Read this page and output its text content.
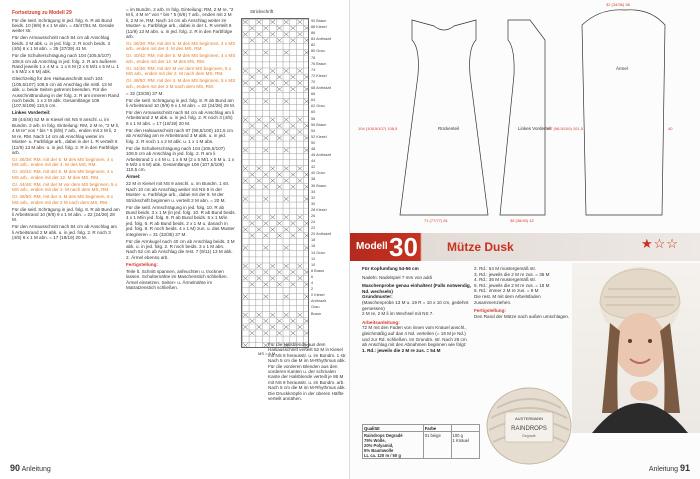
Fortsetzung zu Modell 29

Für die seitl. Schrägung in jed. folg. 6. R ab Bund beids. 10 (9/9) 9 x 1 M abn. = 45/47/51 M. Gerade weiter str.

Für den Armausschnitt nach 84 cm ab Anschlag beids. 2 M abk. u. in jed. folg. 2. R noch beids. 3 (4/5) 6 x 1 M abn. = 35 (37/39) 41 M.

Für die Schulterschrägung nach 104 (105,5/107) 108,5 cm ab Anschlag in jed. folg. 2. R am äußeren Rand jeweils 1 x 4 M u. 1 x 6 M (2 x 5 M/1 x 5 M u. 1 x 6 M/2 x 6 M) abk.

Gleichzeitig für den Halsausschnitt nach 104 (105,5/107) 108,5 cm ab Anschlag die mittl. 13 M abk. u. beide Seiten getrennt beenden. Für die Ausschnittrundung in der folg. 2. R am inneren Rand noch beids. 1 x 2 M abk. Gesamtlänge 106 (107,5/109) 110,5 cm.

Linkes Vorderteil:

38 (44/46) 52 M in Kiesel mit NS 9 anschl. u. im Bundm. 2 arb. In folg. Einteilung: RM, 2 M re, "2 M li, 4 M re" von * bis * 5 (6/6) 7 arb., enden mit 2 M li, 2 M re, RM. Nach 14 cm ab Anschlag weiter im Muster- u. Farbfolge arb., dabei in der 1. R verteilt 6 (11/9) 13 M abn. u. in jed. folg. 2. R in den Farbfolge arb.

Gr. 36/38: RM, mit der 5. M des MS beginnen, 4 x MS arb., enden mit der 4. M des MS, RM.

Gr. 40/42: RM, mit der 5. M des MS beginnen, 4 x MS arb., enden mit der 12. M des MS, RM.

Gr. 44/46: RM, mit der M vor dem MS beginnen, 5 x MS arb., enden mit der 2. M nach dem MS, RM.

Gr. 48/50: RM, mit der 4. M des MS beginnen, 5 x MS arb., enden mit der 2 M nach dem MS, RM.

Für die seitl. Schrägung in jed. folg. 8. R ab Bund am li Arbeitsrand 10 (9/9) 9 x 1 M abn. = 22 (24/26) 28 M.

Für den Armausschnitt nach 84 cm ab Anschlag am li Arbeitsrand 2 M abk. u. in jed. folg. 2. R noch 3 (4/5) 6 x 1 M abn. = 17 (18/19) 20 M.

= im Bundm. 2 arb. In folg. Einteilung: RM, 2 M re, "2 M li, 4 M re" von * bis * 5 (6/6) 7 arb., enden mit 2 M li, 2 M re, RM. Nach 14 cm ab Anschlag weiter im Muster- u. Farbfolge arb., dabei in der 1. R verteilt 6 (11/9) 13 M abn. u. in jed. folg. 2. R in den Farbfolge arb.

Gr. 36/38: RM, mit der 5. M des MS beginnen, 4 x MS arb., enden mit der 4. M des MS, RM.

Gr. 40/42: RM, mit der 5. M des MS beginnen, 4 x MS arb., enden mit der 12. M des MS, RM.

Gr. 44/46: RM, mit der M vor dem MS beginnen, 5 x MS arb., enden mit der 2. M nach dem MS, RM.

Gr. 48/50: RM, mit der 4. M des MS beginnen, 5 x MS arb., enden mit der 2 M nach dem MS, RM.

= 32 (33/35) 37 M.

Für die seitl. Schrägung in jed. folg. 8. R ab Bund am li Arbeitsrand 10 (9/9) 9 x 1 M abn. = 22 (24/26) 28 M.

Für den Armausschnitt nach 84 cm ab Anschlag am li Arbeitsrand 2 M abk. u. in jed. folg. 2. R noch 3 (4/5) 6 x 1 M abn. = 17 (18/19) 20 M.

Für den Halsausschnitt nach 97 (98,5/100) 101,5 cm ab Anschlag am re Arbeitsrand 3 M abk. u. in jed. folg. 2. R noch 1 x 2 M abk. u. 1 x 1 M abn.

Für die Schulterschrägung nach 104 (105,5/107) 108,5 cm ab Anschlag in jed. folg. 2. R am li Arbeitsrand 1 x 4 M u. 1 x 6 M (2 x 5 M/1 x 5 M u. 1 x 6 M/2 x 6 M) abk. Gesamtlänge 106 (107,5/109) 110,5 cm.

Ärmel:

22 M in Kiesel mit NS 9 anschl. u. im Bundm. 1 str. Nach 10 cm ab Anschlag weiter mit NS 9 in der Muster- u. Farbfolge arb., dabei mit der 9. M der Strickschrift beginnen u. verteilt 2 M abn. = 20 M.

Für die seitl. Armschrägung in jed. folg. 10. R ab Bund beids. 3 x 1 M (in jed. folg. 10. R ab Bund beids. 4 x 1 M/in jed. folg. 8. R ab Bund beids. 5 x 1 M/in jed. folg. 6. R ab Bund beids. 2 x 1 M u. danach in jed. folg. 8. R noch beids. 4 x 1 M) zun. u. das Muster integrieren = 31 (33/35) 37 M.

Für die Armkugel nach 40 cm ab Anschlag beids. 3 M abk. u. in jed. folg. 2. R noch beids. 3 x 1 M abn. Nach 52 cm ab Anschlag die rest. 7 (9/11) 13 M abk. 2. Ärmel ebenso arb.

Fertigstellung:

Teile lt. Schnitt spannen, anfeuchten u. trocknen lassen. Schulternähte im Maschenstich schließen. Ärmel einsetzen. Seiten- u. Ärmelnähte im Matratzenstich schließen.

Strickschrift
90 Braun
88 Kiesel
86
84 Anthrazit
82
80 Grau
78
76 Braun
74
72 Kiesel
70
68 Anthrazit
66
64
62 Grau
60
58
56 Braun
54
52 Kiesel
50
48
46 Anthrazit
44
42
40 Grau
38
36 Braun
34
32
30
28 Kiesel
26
24
22
20 Anthrazit
18
16
14 Grau
12
10
8 Braun
6
4
2
0 Kiesel
Anthrazit
Grau
Braun
MS = 6 M

Für die Halsblende aus dem Halsausschnitt verteilt 52 M in Kiesel mit NS 8 herausstr. u. im Bundm. 1 str. Nach 5 cm die M im M-Rhythmus abk. Für die vorderen Blenden aus den vorderen Kanten u. der schmalen Kante der Halsblende verteilt je 86 M mit NS 8 herausstr. u. im Bundm. arb. Nach 5 cm die M im M-Rhythmus abk. Die Druckknöpfe in der oberen Hälfte verteilt annähen.

90 Anleitung
Rückenteil	Linkes Vorderteil
Ärmel
71 (77/77) 81	36 (38/40) 42
32 (34/36) 38
104 (105,5/107) 108,5	97 (98,5/100) 101,5	40
Modell 30 Mütze Dusk	★☆☆

Für Kopfumfang 54-56 cm

Nadeln: Nadelspiel 7 mm von addi

Maschenprobe genau einhalten! (Falls notwendig, Nd. wechseln)

Grundmuster:

(Maschenprobe 13 M u. 19 R = 10 x 10 cm, gedehnt gemessen)

2 M re, 2 M li im Wechsel mit NS 7.

Arbeitsanleitung:

72 M mit den Faden von innen vom Knäuel anschl., gleichmäßig auf das 4 Nd. verteilen (= 18 M je Nd.) und zur Rd. schließen. Im Grundm. str. Nach 28 cm ab Anschlag mit den Abnahmen beginnen wie folgt:

1. Rd.: jeweils die 2 M re zus. = 54 M

2. Rd.: 54 M mustergemäß str.

3. Rd.: jeweils die 2 M re zus. = 36 M

4. Rd.: 36 M mustergemäß str.

5. Rd.: jeweils die 2 M re zus. = 18 M

6. Rd.: immer 2 M re zus. = 9 M

Die rest. M mit dem Arbeitsfaden zusammenziehen.

Fertigstellung:

Den Rand der Mütze nach außen umschlagen.

Qualität	Farbe	
Raindrops Degradé
75% Wolle,
20% Polyamid,
5% Baumwolle
LL ca. 120 m / 50 g	01 beige	100 g
1 Knäuel
AUSTERMANN
RAINDROPS
Degradé
Anleitung 91
